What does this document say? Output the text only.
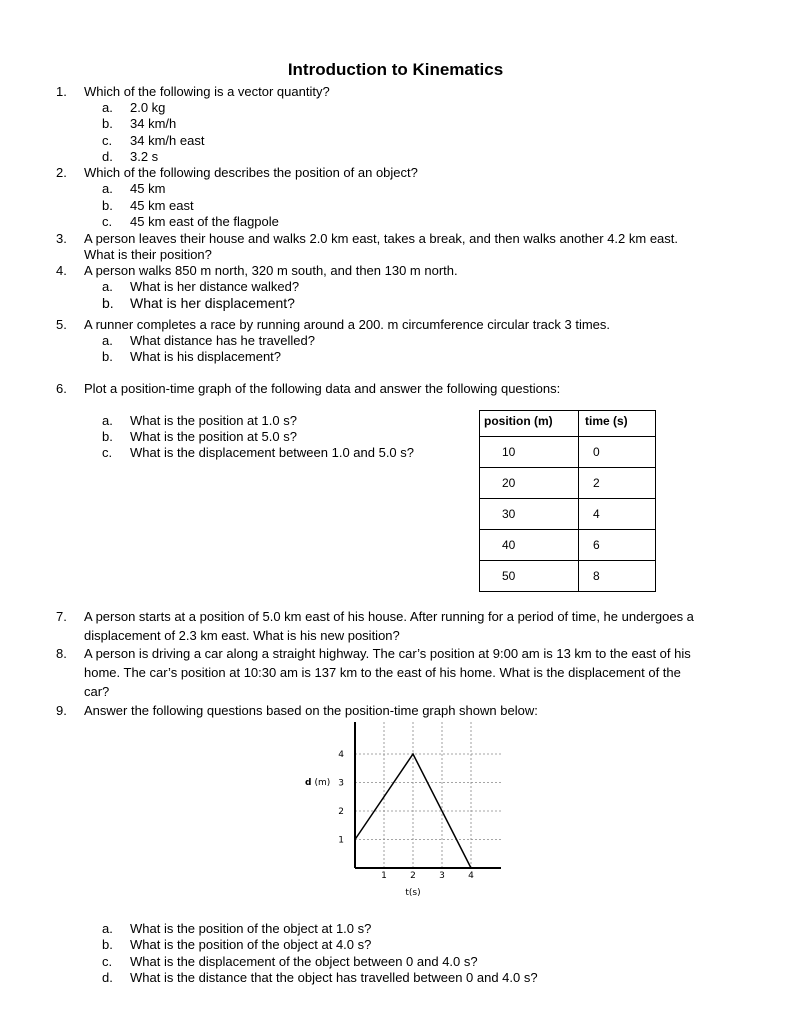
Introduction to Kinematics
1. Which of the following is a vector quantity?
a. 2.0 kg
b. 34 km/h
c. 34 km/h east
d. 3.2 s
2. Which of the following describes the position of an object?
a. 45 km
b. 45 km east
c. 45 km east of the flagpole
3. A person leaves their house and walks 2.0 km east, takes a break, and then walks another 4.2 km east.
What is their position?
4. A person walks 850 m north, 320 m south, and then 130 m north.
a. What is her distance walked?
b. What is her displacement?
5. A runner completes a race by running around a 200. m circumference circular track 3 times.
a. What distance has he travelled?
b. What is his displacement?
6. Plot a position-time graph of the following data and answer the following questions:
a. What is the position at 1.0 s?
b. What is the position at 5.0 s?
c. What is the displacement between 1.0 and 5.0 s?
position (m)	time (s)
10	0
20	2
30	4
40	6
50	8
7. A person starts at a position of 5.0 km east of his house. After running for a period of time, he undergoes a
displacement of 2.3 km east. What is his new position?
8. A person is driving a car along a straight highway. The car’s position at 9:00 am is 13 km to the east of his
home. The car’s position at 10:30 am is 137 km to the east of his home. What is the displacement of the
car?
9. Answer the following questions based on the position-time graph shown below:
1
2
3
4
1	2	3	4
d (m)
t(s)
a. What is the position of the object at 1.0 s?
b. What is the position of the object at 4.0 s?
c. What is the displacement of the object between 0 and 4.0 s?
d. What is the distance that the object has travelled between 0 and 4.0 s?
